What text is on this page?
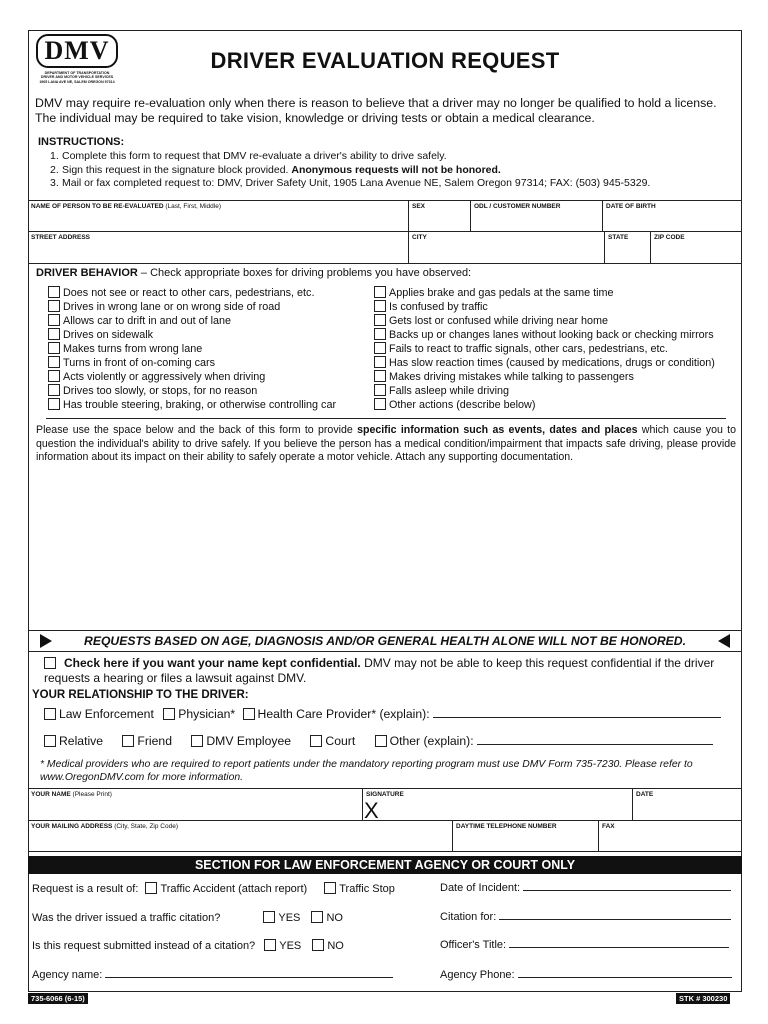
DMV
DEPARTMENT OF TRANSPORTATION
DRIVER AND MOTOR VEHICLE SERVICES
1905 LANA AVE NE, SALEM OREGON 97314
DRIVER EVALUATION REQUEST
DMV may require re-evaluation only when there is reason to believe that a driver may no longer be qualified to hold a license. The individual may be required to take vision, knowledge or driving tests or obtain a medical clearance.
INSTRUCTIONS:
1. Complete this form to request that DMV re-evaluate a driver's ability to drive safely.
2. Sign this request in the signature block provided. Anonymous requests will not be honored.
3. Mail or fax completed request to: DMV, Driver Safety Unit, 1905 Lana Avenue NE, Salem Oregon 97314; FAX: (503) 945-5329.
NAME OF PERSON TO BE RE-EVALUATED (Last, First, Middle)	SEX	ODL / CUSTOMER NUMBER	DATE OF BIRTH
STREET ADDRESS	CITY	STATE	ZIP CODE
DRIVER BEHAVIOR – Check appropriate boxes for driving problems you have observed:
Does not see or react to other cars, pedestrians, etc.
Drives in wrong lane or on wrong side of road
Allows car to drift in and out of lane
Drives on sidewalk
Makes turns from wrong lane
Turns in front of on-coming cars
Acts violently or aggressively when driving
Drives too slowly, or stops, for no reason
Has trouble steering, braking, or otherwise controlling car
Applies brake and gas pedals at the same time
Is confused by traffic
Gets lost or confused while driving near home
Backs up or changes lanes without looking back or checking mirrors
Fails to react to traffic signals, other cars, pedestrians, etc.
Has slow reaction times (caused by medications, drugs or condition)
Makes driving mistakes while talking to passengers
Falls asleep while driving
Other actions (describe below)
Please use the space below and the back of this form to provide specific information such as events, dates and places which cause you to question the individual's ability to drive safely. If you believe the person has a medical condition/impairment that impacts safe driving, please provide information about its impact on their ability to safely operate a motor vehicle. Attach any supporting documentation.
REQUESTS BASED ON AGE, DIAGNOSIS AND/OR GENERAL HEALTH ALONE WILL NOT BE HONORED.
Check here if you want your name kept confidential. DMV may not be able to keep this request confidential if the driver requests a hearing or files a lawsuit against DMV.
YOUR RELATIONSHIP TO THE DRIVER:
Law Enforcement Physician* Health Care Provider* (explain):
Relative	Friend	DMV Employee	Court	Other (explain):
* Medical providers who are required to report patients under the mandatory reporting program must use DMV Form 735-7230. Please refer to www.OregonDMV.com for more information.
YOUR NAME (Please Print)	SIGNATURE	DATE
X
YOUR MAILING ADDRESS (City, State, Zip Code)	DAYTIME TELEPHONE NUMBER	FAX
SECTION FOR LAW ENFORCEMENT AGENCY OR COURT ONLY
Request is a result of: Traffic Accident (attach report)	Traffic Stop	Date of Incident:
Was the driver issued a traffic citation?	YES NO	Citation for:
Is this request submitted instead of a citation? YES NO	Officer's Title:
Agency name:	Agency Phone:
735-6066 (6-15)	STK # 300230
